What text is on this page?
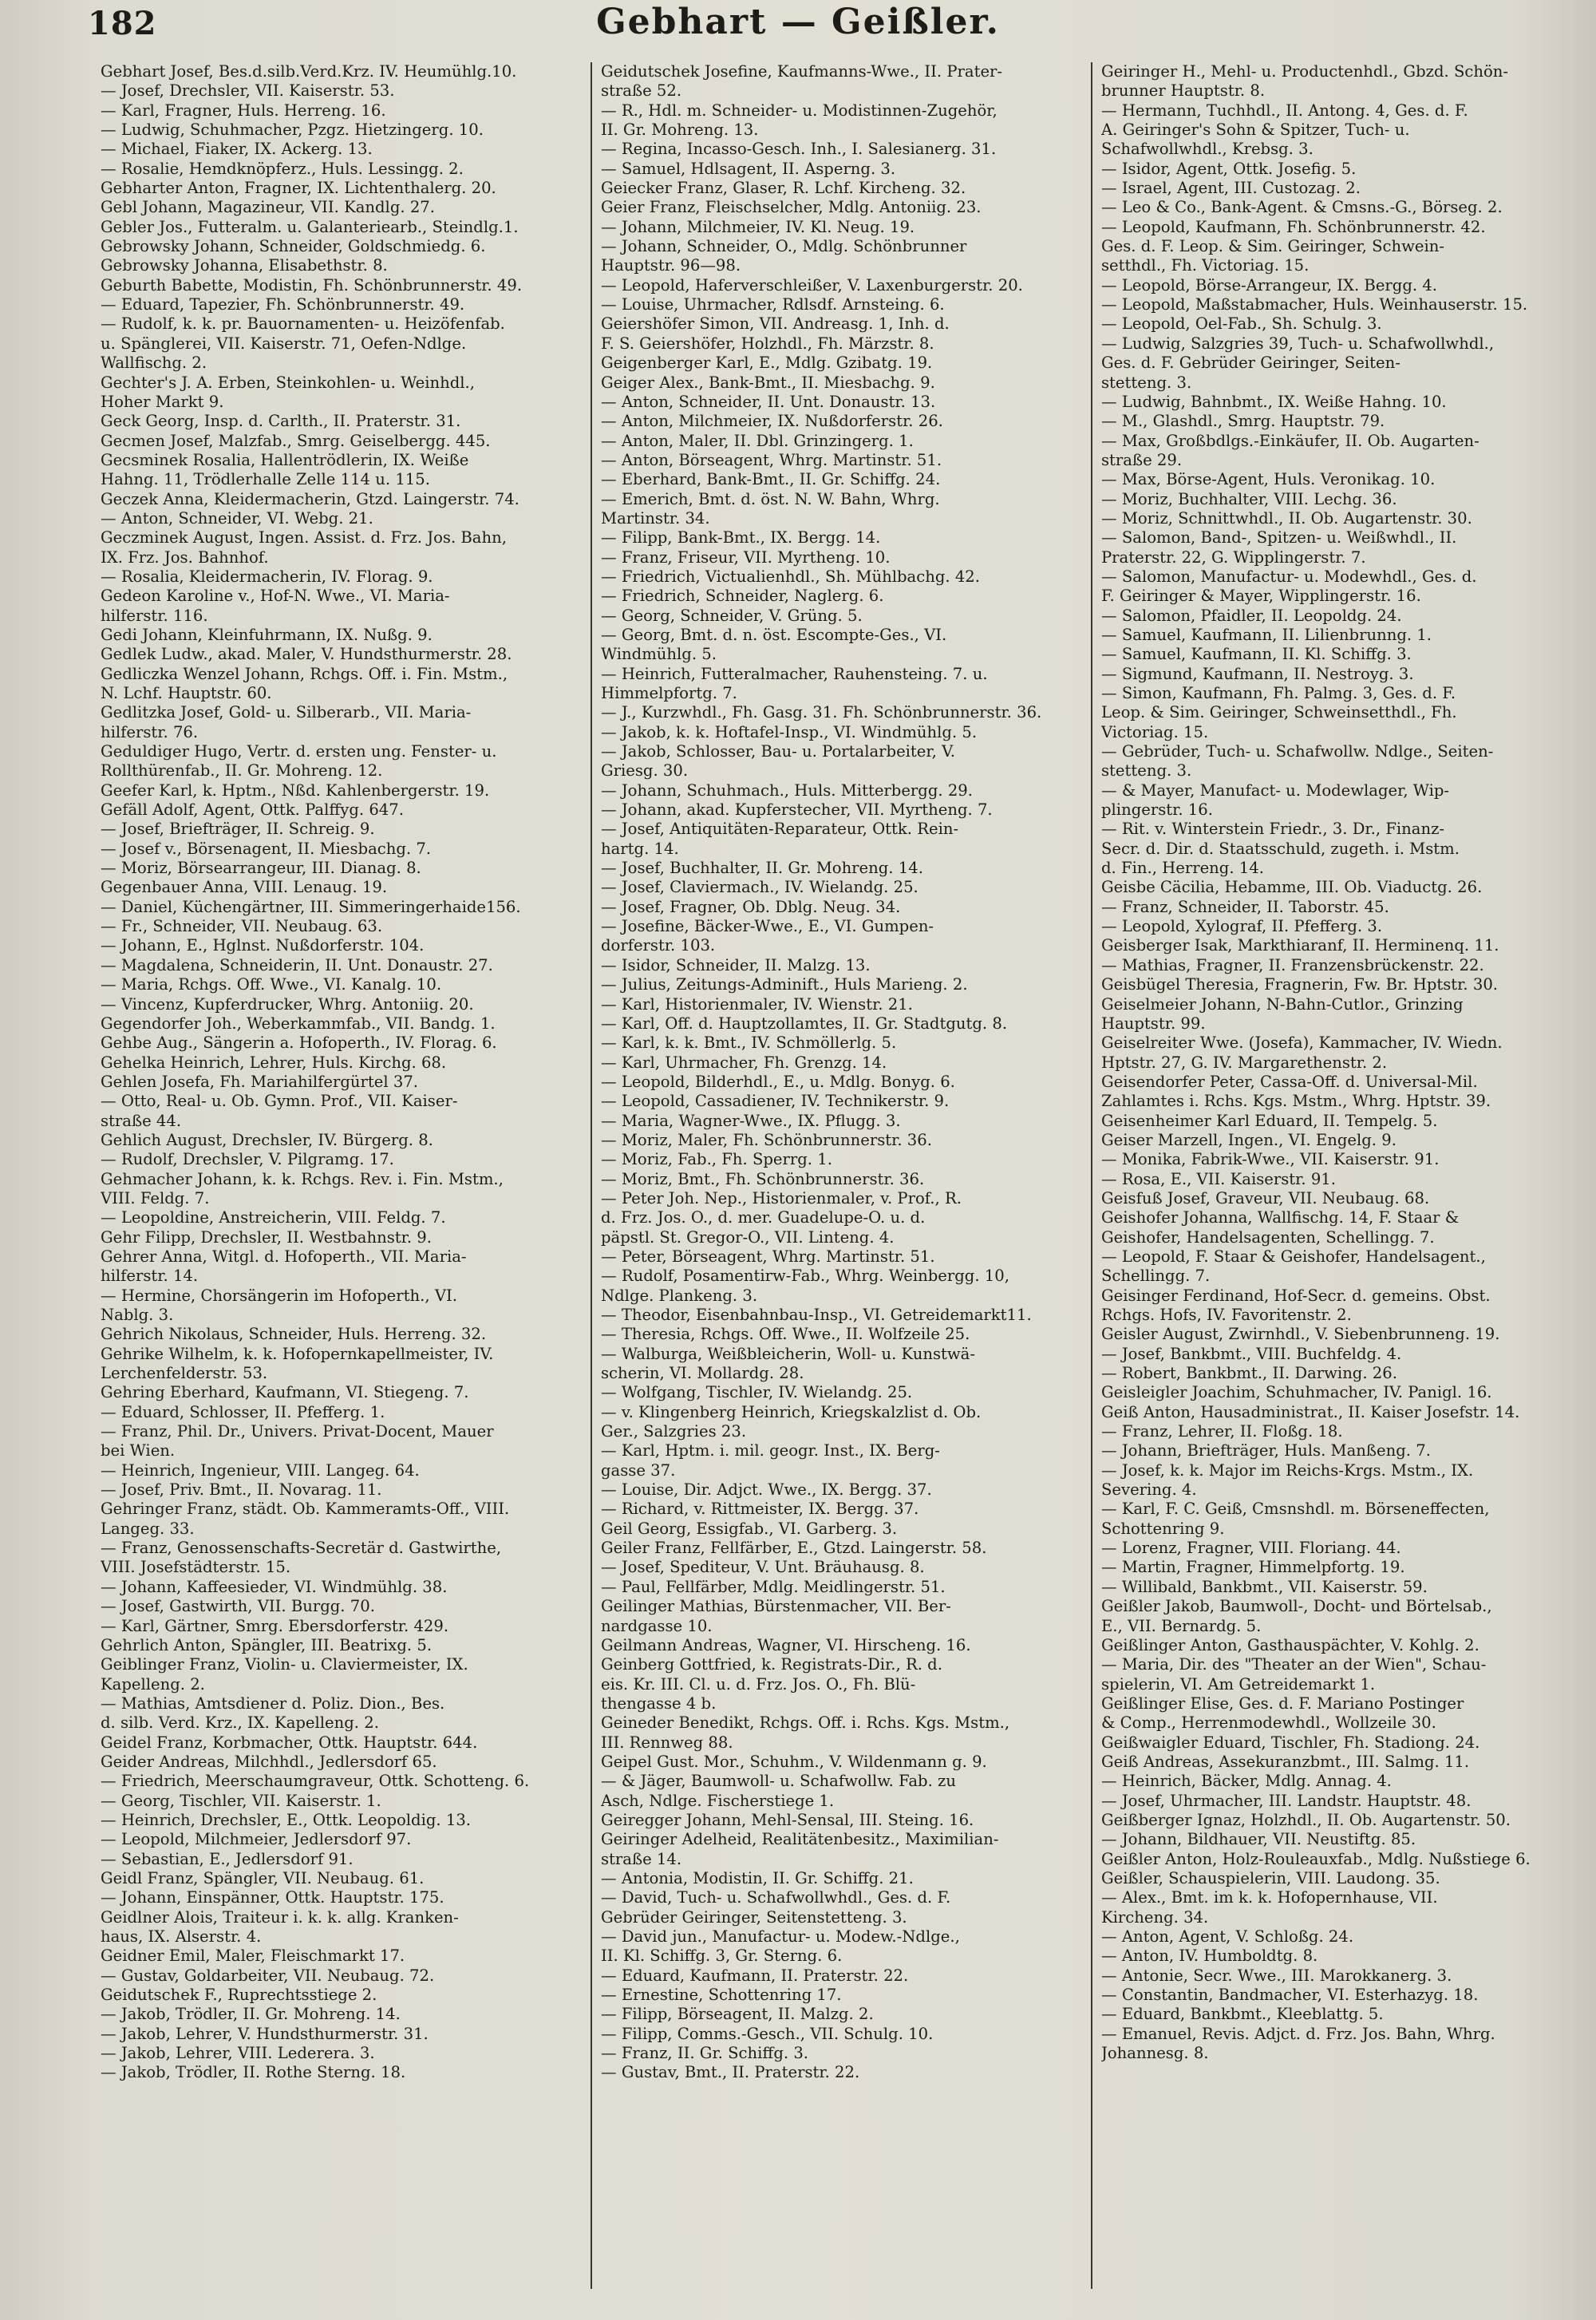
182	Gebhart — Geißler.
Gebhart Josef, Bes.d.silb.Verd.Krz. IV. Heumühlg.10.
— Josef, Drechsler, VII. Kaiserstr. 53.
— Karl, Fragner, Huls. Herreng. 16.
— Ludwig, Schuhmacher, Pzgz. Hietzingerg. 10.
— Michael, Fiaker, IX. Ackerg. 13.
— Rosalie, Hemdknöpferz., Huls. Lessingg. 2.
Gebharter Anton, Fragner, IX. Lichtenthalerg. 20.
Gebl Johann, Magazineur, VII. Kandlg. 27.
Gebler Jos., Futteralm. u. Galanteriearb., Steindlg.1.
Gebrowsky Johann, Schneider, Goldschmiedg. 6.
Gebrowsky Johanna, Elisabethstr. 8.
Geburth Babette, Modistin, Fh. Schönbrunnerstr. 49.
— Eduard, Tapezier, Fh. Schönbrunnerstr. 49.
— Rudolf, k. k. pr. Bauornamenten- u. Heizöfenfab.
u. Spänglerei, VII. Kaiserstr. 71, Oefen-Ndlge.
Wallfischg. 2.
Gechter's J. A. Erben, Steinkohlen- u. Weinhdl.,
Hoher Markt 9.
Geck Georg, Insp. d. Carlth., II. Praterstr. 31.
Gecmen Josef, Malzfab., Smrg. Geiselbergg. 445.
Gecsminek Rosalia, Hallentrödlerin, IX. Weiße
Hahng. 11, Trödlerhalle Zelle 114 u. 115.
Geczek Anna, Kleidermacherin, Gtzd. Laingerstr. 74.
— Anton, Schneider, VI. Webg. 21.
Geczminek August, Ingen. Assist. d. Frz. Jos. Bahn,
IX. Frz. Jos. Bahnhof.
— Rosalia, Kleidermacherin, IV. Florag. 9.
Gedeon Karoline v., Hof-N. Wwe., VI. Maria-
hilferstr. 116.
Gedi Johann, Kleinfuhrmann, IX. Nußg. 9.
Gedlek Ludw., akad. Maler, V. Hundsthurmerstr. 28.
Gedliczka Wenzel Johann, Rchgs. Off. i. Fin. Mstm.,
N. Lchf. Hauptstr. 60.
Gedlitzka Josef, Gold- u. Silberarb., VII. Maria-
hilferstr. 76.
Geduldiger Hugo, Vertr. d. ersten ung. Fenster- u.
Rollthürenfab., II. Gr. Mohreng. 12.
Geefer Karl, k. Hptm., Nßd. Kahlenbergerstr. 19.
Gefäll Adolf, Agent, Ottk. Palffyg. 647.
— Josef, Briefträger, II. Schreig. 9.
— Josef v., Börsenagent, II. Miesbachg. 7.
— Moriz, Börsearrangeur, III. Dianag. 8.
Gegenbauer Anna, VIII. Lenaug. 19.
— Daniel, Küchengärtner, III. Simmeringerhaide156.
— Fr., Schneider, VII. Neubaug. 63.
— Johann, E., Hglnst. Nußdorferstr. 104.
— Magdalena, Schneiderin, II. Unt. Donaustr. 27.
— Maria, Rchgs. Off. Wwe., VI. Kanalg. 10.
— Vincenz, Kupferdrucker, Whrg. Antoniig. 20.
Gegendorfer Joh., Weberkammfab., VII. Bandg. 1.
Gehbe Aug., Sängerin a. Hofoperth., IV. Florag. 6.
Gehelka Heinrich, Lehrer, Huls. Kirchg. 68.
Gehlen Josefa, Fh. Mariahilfergürtel 37.
— Otto, Real- u. Ob. Gymn. Prof., VII. Kaiser-
straße 44.
Gehlich August, Drechsler, IV. Bürgerg. 8.
— Rudolf, Drechsler, V. Pilgramg. 17.
Gehmacher Johann, k. k. Rchgs. Rev. i. Fin. Mstm.,
VIII. Feldg. 7.
— Leopoldine, Anstreicherin, VIII. Feldg. 7.
Gehr Filipp, Drechsler, II. Westbahnstr. 9.
Gehrer Anna, Witgl. d. Hofoperth., VII. Maria-
hilferstr. 14.
— Hermine, Chorsängerin im Hofoperth., VI.
Nablg. 3.
Gehrich Nikolaus, Schneider, Huls. Herreng. 32.
Gehrike Wilhelm, k. k. Hofopernkapellmeister, IV.
Lerchenfelderstr. 53.
Gehring Eberhard, Kaufmann, VI. Stiegeng. 7.
— Eduard, Schlosser, II. Pfefferg. 1.
— Franz, Phil. Dr., Univers. Privat-Docent, Mauer
bei Wien.
— Heinrich, Ingenieur, VIII. Langeg. 64.
— Josef, Priv. Bmt., II. Novarag. 11.
Gehringer Franz, städt. Ob. Kammeramts-Off., VIII.
Langeg. 33.
— Franz, Genossenschafts-Secretär d. Gastwirthe,
VIII. Josefstädterstr. 15.
— Johann, Kaffeesieder, VI. Windmühlg. 38.
— Josef, Gastwirth, VII. Burgg. 70.
— Karl, Gärtner, Smrg. Ebersdorferstr. 429.
Gehrlich Anton, Spängler, III. Beatrixg. 5.
Geiblinger Franz, Violin- u. Claviermeister, IX.
Kapelleng. 2.
— Mathias, Amtsdiener d. Poliz. Dion., Bes.
d. silb. Verd. Krz., IX. Kapelleng. 2.
Geidel Franz, Korbmacher, Ottk. Hauptstr. 644.
Geider Andreas, Milchhdl., Jedlersdorf 65.
— Friedrich, Meerschaumgraveur, Ottk. Schotteng. 6.
— Georg, Tischler, VII. Kaiserstr. 1.
— Heinrich, Drechsler, E., Ottk. Leopoldig. 13.
— Leopold, Milchmeier, Jedlersdorf 97.
— Sebastian, E., Jedlersdorf 91.
Geidl Franz, Spängler, VII. Neubaug. 61.
— Johann, Einspänner, Ottk. Hauptstr. 175.
Geidlner Alois, Traiteur i. k. k. allg. Kranken-
haus, IX. Alserstr. 4.
Geidner Emil, Maler, Fleischmarkt 17.
— Gustav, Goldarbeiter, VII. Neubaug. 72.
Geidutschek F., Ruprechtsstiege 2.
— Jakob, Trödler, II. Gr. Mohreng. 14.
— Jakob, Lehrer, V. Hundsthurmerstr. 31.
— Jakob, Lehrer, VIII. Lederera. 3.
— Jakob, Trödler, II. Rothe Sterng. 18.
Geidutschek Josefine, Kaufmanns-Wwe., II. Prater-
straße 52.
— R., Hdl. m. Schneider- u. Modistinnen-Zugehör,
II. Gr. Mohreng. 13.
— Regina, Incasso-Gesch. Inh., I. Salesianerg. 31.
— Samuel, Hdlsagent, II. Asperng. 3.
Geiecker Franz, Glaser, R. Lchf. Kircheng. 32.
Geier Franz, Fleischselcher, Mdlg. Antoniig. 23.
— Johann, Milchmeier, IV. Kl. Neug. 19.
— Johann, Schneider, O., Mdlg. Schönbrunner
Hauptstr. 96—98.
— Leopold, Haferverschleißer, V. Laxenburgerstr. 20.
— Louise, Uhrmacher, Rdlsdf. Arnsteing. 6.
Geiershöfer Simon, VII. Andreasg. 1, Inh. d.
F. S. Geiershöfer, Holzhdl., Fh. Märzstr. 8.
Geigenberger Karl, E., Mdlg. Gzibatg. 19.
Geiger Alex., Bank-Bmt., II. Miesbachg. 9.
— Anton, Schneider, II. Unt. Donaustr. 13.
— Anton, Milchmeier, IX. Nußdorferstr. 26.
— Anton, Maler, II. Dbl. Grinzingerg. 1.
— Anton, Börseagent, Whrg. Martinstr. 51.
— Eberhard, Bank-Bmt., II. Gr. Schiffg. 24.
— Emerich, Bmt. d. öst. N. W. Bahn, Whrg.
Martinstr. 34.
— Filipp, Bank-Bmt., IX. Bergg. 14.
— Franz, Friseur, VII. Myrtheng. 10.
— Friedrich, Victualienhdl., Sh. Mühlbachg. 42.
— Friedrich, Schneider, Naglerg. 6.
— Georg, Schneider, V. Grüng. 5.
— Georg, Bmt. d. n. öst. Escompte-Ges., VI.
Windmühlg. 5.
— Heinrich, Futteralmacher, Rauhensteing. 7. u.
Himmelpfortg. 7.
— J., Kurzwhdl., Fh. Gasg. 31. Fh. Schönbrunnerstr. 36.
— Jakob, k. k. Hoftafel-Insp., VI. Windmühlg. 5.
— Jakob, Schlosser, Bau- u. Portalarbeiter, V.
Griesg. 30.
— Johann, Schuhmach., Huls. Mitterbergg. 29.
— Johann, akad. Kupferstecher, VII. Myrtheng. 7.
— Josef, Antiquitäten-Reparateur, Ottk. Rein-
hartg. 14.
— Josef, Buchhalter, II. Gr. Mohreng. 14.
— Josef, Claviermach., IV. Wielandg. 25.
— Josef, Fragner, Ob. Dblg. Neug. 34.
— Josefine, Bäcker-Wwe., E., VI. Gumpen-
dorferstr. 103.
— Isidor, Schneider, II. Malzg. 13.
— Julius, Zeitungs-Adminift., Huls Marieng. 2.
— Karl, Historienmaler, IV. Wienstr. 21.
— Karl, Off. d. Hauptzollamtes, II. Gr. Stadtgutg. 8.
— Karl, k. k. Bmt., IV. Schmöllerlg. 5.
— Karl, Uhrmacher, Fh. Grenzg. 14.
— Leopold, Bilderhdl., E., u. Mdlg. Bonyg. 6.
— Leopold, Cassadiener, IV. Technikerstr. 9.
— Maria, Wagner-Wwe., IX. Pflugg. 3.
— Moriz, Maler, Fh. Schönbrunnerstr. 36.
— Moriz, Fab., Fh. Sperrg. 1.
— Moriz, Bmt., Fh. Schönbrunnerstr. 36.
— Peter Joh. Nep., Historienmaler, v. Prof., R.
d. Frz. Jos. O., d. mer. Guadelupe-O. u. d.
päpstl. St. Gregor-O., VII. Linteng. 4.
— Peter, Börseagent, Whrg. Martinstr. 51.
— Rudolf, Posamentirw-Fab., Whrg. Weinbergg. 10,
Ndlge. Plankeng. 3.
— Theodor, Eisenbahnbau-Insp., VI. Getreidemarkt11.
— Theresia, Rchgs. Off. Wwe., II. Wolfzeile 25.
— Walburga, Weißbleicherin, Woll- u. Kunstwä-
scherin, VI. Mollardg. 28.
— Wolfgang, Tischler, IV. Wielandg. 25.
— v. Klingenberg Heinrich, Kriegskalzlist d. Ob.
Ger., Salzgries 23.
— Karl, Hptm. i. mil. geogr. Inst., IX. Berg-
gasse 37.
— Louise, Dir. Adjct. Wwe., IX. Bergg. 37.
— Richard, v. Rittmeister, IX. Bergg. 37.
Geil Georg, Essigfab., VI. Garberg. 3.
Geiler Franz, Fellfärber, E., Gtzd. Laingerstr. 58.
— Josef, Spediteur, V. Unt. Bräuhausg. 8.
— Paul, Fellfärber, Mdlg. Meidlingerstr. 51.
Geilinger Mathias, Bürstenmacher, VII. Ber-
nardgasse 10.
Geilmann Andreas, Wagner, VI. Hirscheng. 16.
Geinberg Gottfried, k. Registrats-Dir., R. d.
eis. Kr. III. Cl. u. d. Frz. Jos. O., Fh. Blü-
thengasse 4 b.
Geineder Benedikt, Rchgs. Off. i. Rchs. Kgs. Mstm.,
III. Rennweg 88.
Geipel Gust. Mor., Schuhm., V. Wildenmann g. 9.
— & Jäger, Baumwoll- u. Schafwollw. Fab. zu
Asch, Ndlge. Fischerstiege 1.
Geiregger Johann, Mehl-Sensal, III. Steing. 16.
Geiringer Adelheid, Realitätenbesitz., Maximilian-
straße 14.
— Antonia, Modistin, II. Gr. Schiffg. 21.
— David, Tuch- u. Schafwollwhdl., Ges. d. F.
Gebrüder Geiringer, Seitenstetteng. 3.
— David jun., Manufactur- u. Modew.-Ndlge.,
II. Kl. Schiffg. 3, Gr. Sterng. 6.
— Eduard, Kaufmann, II. Praterstr. 22.
— Ernestine, Schottenring 17.
— Filipp, Börseagent, II. Malzg. 2.
— Filipp, Comms.-Gesch., VII. Schulg. 10.
— Franz, II. Gr. Schiffg. 3.
— Gustav, Bmt., II. Praterstr. 22.
Geiringer H., Mehl- u. Productenhdl., Gbzd. Schön-
brunner Hauptstr. 8.
— Hermann, Tuchhdl., II. Antong. 4, Ges. d. F.
A. Geiringer's Sohn & Spitzer, Tuch- u.
Schafwollwhdl., Krebsg. 3.
— Isidor, Agent, Ottk. Josefig. 5.
— Israel, Agent, III. Custozag. 2.
— Leo & Co., Bank-Agent. & Cmsns.-G., Börseg. 2.
— Leopold, Kaufmann, Fh. Schönbrunnerstr. 42.
Ges. d. F. Leop. & Sim. Geiringer, Schwein-
setthdl., Fh. Victoriag. 15.
— Leopold, Börse-Arrangeur, IX. Bergg. 4.
— Leopold, Maßstabmacher, Huls. Weinhauserstr. 15.
— Leopold, Oel-Fab., Sh. Schulg. 3.
— Ludwig, Salzgries 39, Tuch- u. Schafwollwhdl.,
Ges. d. F. Gebrüder Geiringer, Seiten-
stetteng. 3.
— Ludwig, Bahnbmt., IX. Weiße Hahng. 10.
— M., Glashdl., Smrg. Hauptstr. 79.
— Max, Großbdlgs.-Einkäufer, II. Ob. Augarten-
straße 29.
— Max, Börse-Agent, Huls. Veronikag. 10.
— Moriz, Buchhalter, VIII. Lechg. 36.
— Moriz, Schnittwhdl., II. Ob. Augartenstr. 30.
— Salomon, Band-, Spitzen- u. Weißwhdl., II.
Praterstr. 22, G. Wipplingerstr. 7.
— Salomon, Manufactur- u. Modewhdl., Ges. d.
F. Geiringer & Mayer, Wipplingerstr. 16.
— Salomon, Pfaidler, II. Leopoldg. 24.
— Samuel, Kaufmann, II. Lilienbrunng. 1.
— Samuel, Kaufmann, II. Kl. Schiffg. 3.
— Sigmund, Kaufmann, II. Nestroyg. 3.
— Simon, Kaufmann, Fh. Palmg. 3, Ges. d. F.
Leop. & Sim. Geiringer, Schweinsetthdl., Fh.
Victoriag. 15.
— Gebrüder, Tuch- u. Schafwollw. Ndlge., Seiten-
stetteng. 3.
— & Mayer, Manufact- u. Modewlager, Wip-
plingerstr. 16.
— Rit. v. Winterstein Friedr., 3. Dr., Finanz-
Secr. d. Dir. d. Staatsschuld, zugeth. i. Mstm.
d. Fin., Herreng. 14.
Geisbe Cäcilia, Hebamme, III. Ob. Viaductg. 26.
— Franz, Schneider, II. Taborstr. 45.
— Leopold, Xylograf, II. Pfefferg. 3.
Geisberger Isak, Markthiaranf, II. Herminenq. 11.
— Mathias, Fragner, II. Franzensbrückenstr. 22.
Geisbügel Theresia, Fragnerin, Fw. Br. Hptstr. 30.
Geiselmeier Johann, N-Bahn-Cutlor., Grinzing
Hauptstr. 99.
Geiselreiter Wwe. (Josefa), Kammacher, IV. Wiedn.
Hptstr. 27, G. IV. Margarethenstr. 2.
Geisendorfer Peter, Cassa-Off. d. Universal-Mil.
Zahlamtes i. Rchs. Kgs. Mstm., Whrg. Hptstr. 39.
Geisenheimer Karl Eduard, II. Tempelg. 5.
Geiser Marzell, Ingen., VI. Engelg. 9.
— Monika, Fabrik-Wwe., VII. Kaiserstr. 91.
— Rosa, E., VII. Kaiserstr. 91.
Geisfuß Josef, Graveur, VII. Neubaug. 68.
Geishofer Johanna, Wallfischg. 14, F. Staar &
Geishofer, Handelsagenten, Schellingg. 7.
— Leopold, F. Staar & Geishofer, Handelsagent.,
Schellingg. 7.
Geisinger Ferdinand, Hof-Secr. d. gemeins. Obst.
Rchgs. Hofs, IV. Favoritenstr. 2.
Geisler August, Zwirnhdl., V. Siebenbrunneng. 19.
— Josef, Bankbmt., VIII. Buchfeldg. 4.
— Robert, Bankbmt., II. Darwing. 26.
Geisleigler Joachim, Schuhmacher, IV. Panigl. 16.
Geiß Anton, Hausadministrat., II. Kaiser Josefstr. 14.
— Franz, Lehrer, II. Floßg. 18.
— Johann, Briefträger, Huls. Manßeng. 7.
— Josef, k. k. Major im Reichs-Krgs. Mstm., IX.
Severing. 4.
— Karl, F. C. Geiß, Cmsnshdl. m. Börseneffecten,
Schottenring 9.
— Lorenz, Fragner, VIII. Floriang. 44.
— Martin, Fragner, Himmelpfortg. 19.
— Willibald, Bankbmt., VII. Kaiserstr. 59.
Geißler Jakob, Baumwoll-, Docht- und Börtelsab.,
E., VII. Bernardg. 5.
Geißlinger Anton, Gasthauspächter, V. Kohlg. 2.
— Maria, Dir. des "Theater an der Wien", Schau-
spielerin, VI. Am Getreidemarkt 1.
Geißlinger Elise, Ges. d. F. Mariano Postinger
& Comp., Herrenmodewhdl., Wollzeile 30.
Geißwaigler Eduard, Tischler, Fh. Stadiong. 24.
Geiß Andreas, Assekuranzbmt., III. Salmg. 11.
— Heinrich, Bäcker, Mdlg. Annag. 4.
— Josef, Uhrmacher, III. Landstr. Hauptstr. 48.
Geißberger Ignaz, Holzhdl., II. Ob. Augartenstr. 50.
— Johann, Bildhauer, VII. Neustiftg. 85.
Geißler Anton, Holz-Rouleauxfab., Mdlg. Nußstiege 6.
Geißler, Schauspielerin, VIII. Laudong. 35.
— Alex., Bmt. im k. k. Hofopernhause, VII.
Kircheng. 34.
— Anton, Agent, V. Schloßg. 24.
— Anton, IV. Humboldtg. 8.
— Antonie, Secr. Wwe., III. Marokkanerg. 3.
— Constantin, Bandmacher, VI. Esterhazyg. 18.
— Eduard, Bankbmt., Kleeblattg. 5.
— Emanuel, Revis. Adjct. d. Frz. Jos. Bahn, Whrg.
Johannesg. 8.
